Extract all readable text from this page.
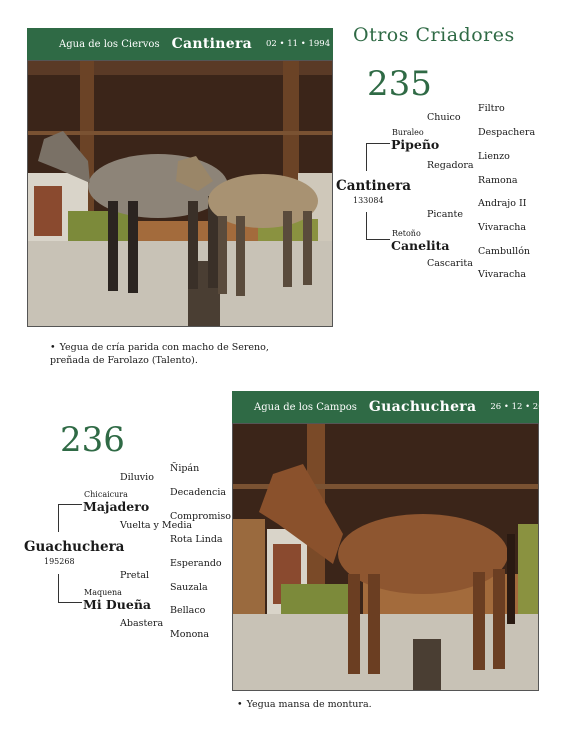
Agua de los Ciervos Cantinera 02 • 11 • 1994 Otros Criadores
235
Cantinera
133084
Buraleo
Pipeño
Retoño
Canelita
Chuico
Regadora
Picante
Cascarita
Filtro
Despachera
Lienzo
Ramona
Andrajo II
Vivaracha
Cambullón
Vivaracha
• Yegua de cría parida con macho de Sereno, preñada de Farolazo (Talento).
236
Agua de los Campos Guachuchera 26 • 12 • 2006
Guachuchera
195268
Chicaicura
Majadero
Maquena
Mi Dueña
Diluvio
Vuelta y Media
Pretal
Abastera
Ñipán
Decadencia
Compromiso
Rota Linda
Esperando
Sauzala
Bellaco
Monona
• Yegua mansa de montura.
